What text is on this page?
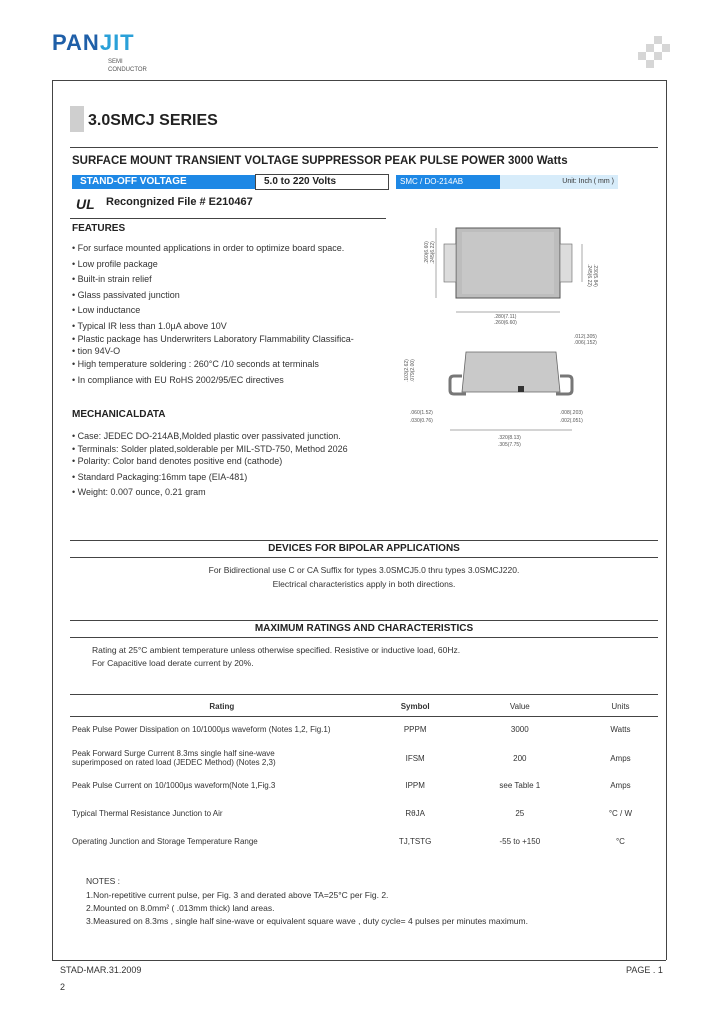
PANJIT
SEMI
CONDUCTOR
3.0SMCJ SERIES
SURFACE MOUNT TRANSIENT VOLTAGE SUPPRESSOR PEAK PULSE POWER 3000 Watts
STAND-OFF VOLTAGE	5.0 to 220 Volts	SMC / DO-214AB	Unit: Inch ( mm )
UL Recongnized File # E210467
FEATURES
• For surface mounted applications in order to optimize board space.
• Low profile package
• Built-in strain relief
• Glass passivated junction
• Low inductance
• Typical IR less than 1.0µA above 10V
• Plastic package has Underwriters Laboratory Flammability Classifica-
• tion 94V-O
• High temperature soldering : 260°C /10 seconds at terminals
• In compliance with EU RoHS 2002/95/EC directives
MECHANICALDATA
• Case: JEDEC DO-214AB,Molded plastic over passivated junction.
• Terminals: Solder plated,solderable per MIL-STD-750, Method 2026
• Polarity: Color band denotes positive end (cathode)
• Standard Packaging:16mm tape (EIA-481)
• Weight: 0.007 ounce, 0.21 gram
.260(6.60) .245(6.22)
.245(6.22) .230(5.84)
.280(7.11)
.260(6.60)
.012(.305)
.006(.152)
.103(2.62) .079(2.00)
.060(1.52)
.030(0.76)
.008(.203)
.002(.051)
.320(8.13)
.305(7.75)
DEVICES FOR BIPOLAR APPLICATIONS
For Bidirectional use C or CA Suffix for types 3.0SMCJ5.0 thru types 3.0SMCJ220.
Electrical characteristics apply in both directions.
MAXIMUM RATINGS AND CHARACTERISTICS
Rating at 25°C ambient temperature unless otherwise specified. Resistive or inductive load, 60Hz.
For Capacitive load derate current by 20%.
Rating	Symbol	Value	Units
Peak Pulse Power Dissipation on 10/1000µs waveform (Notes 1,2, Fig.1)	PPPM	3000	Watts

Peak Forward Surge Current 8.3ms single half sine-wave
superimposed on rated load (JEDEC Method) (Notes 2,3)	IFSM	200	Amps
Peak Pulse Current on 10/1000µs waveform(Note 1,Fig.3	IPPM	see Table 1	Amps
Typical Thermal Resistance Junction to Air	RθJA	25	°C / W
Operating Junction and Storage Temperature Range	TJ,TSTG	-55 to +150	°C
NOTES :
1.Non-repetitive current pulse, per Fig. 3 and derated above TA=25°C per Fig. 2.
2.Mounted on 8.0mm² ( .013mm thick) land areas.
3.Measured on 8.3ms , single half sine-wave or equivalent square wave , duty cycle= 4 pulses per minutes maximum.
STAD-MAR.31.2009	PAGE . 1
2
